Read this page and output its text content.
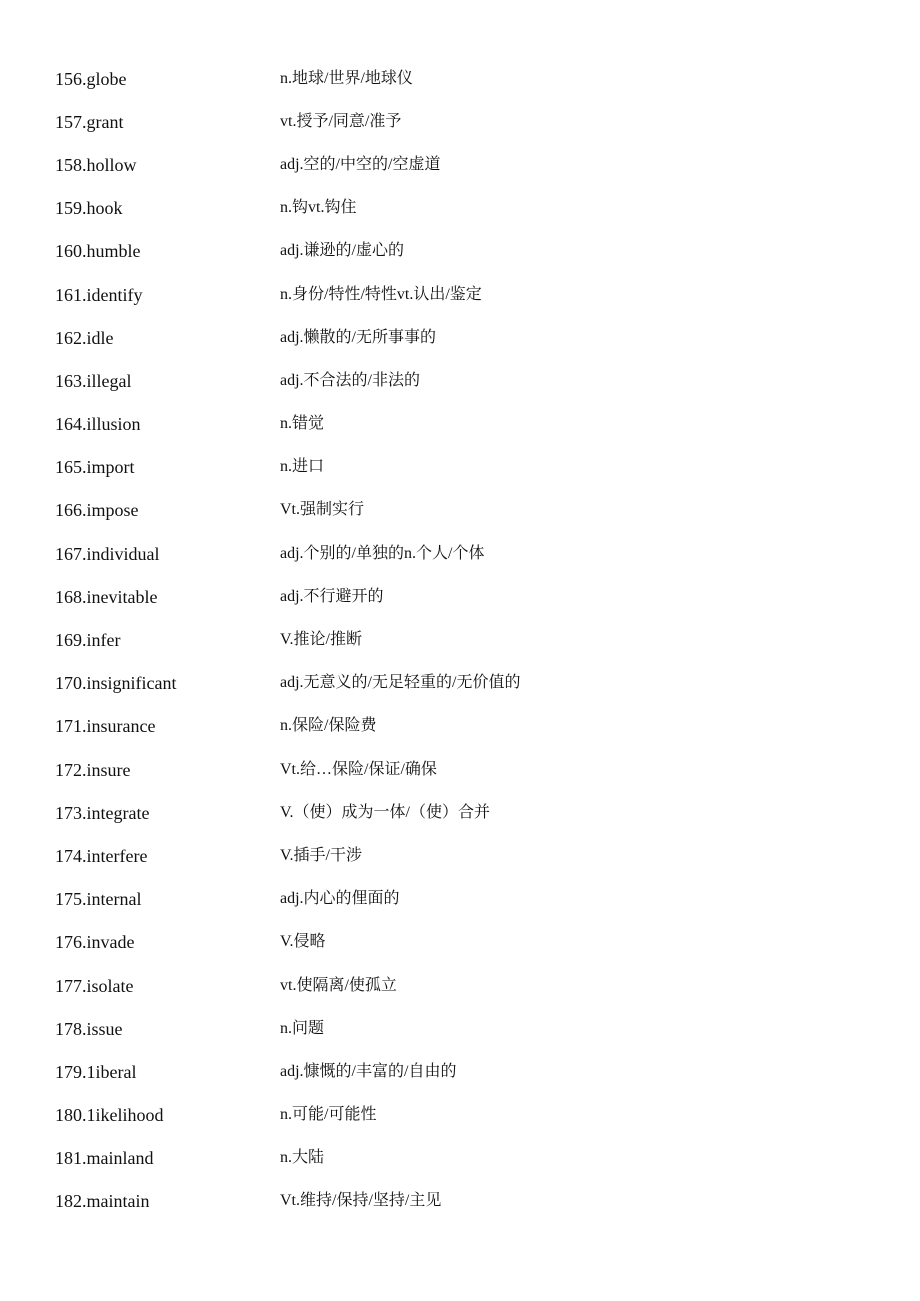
156.globe	n.地球/世界/地球仪
157.grant	vt.授予/同意/准予
158.hollow	adj.空的/中空的/空虚道
159.hook	n.钩vt.钩住
160.humble	adj.谦逊的/虚心的
161.identify	n.身份/特性/特性vt.认出/鉴定
162.idle	adj.懒散的/无所事事的
163.illegal	adj.不合法的/非法的
164.illusion	n.错觉
165.import	n.进口
166.impose	Vt.强制实行
167.individual	adj.个别的/单独的n.个人/个体
168.inevitable	adj.不行避开的
169.infer	V.推论/推断
170.insignificant	adj.无意义的/无足轻重的/无价值的
171.insurance	n.保险/保险费
172.insure	Vt.给…保险/保证/确保
173.integrate	V.（使）成为一体/（使）合并
174.interfere	V.插手/干涉
175.internal	adj.内心的俚面的
176.invade	V.侵略
177.isolate	vt.使隔离/使孤立
178.issue	n.问题
179.1iberal	adj.慷慨的/丰富的/自由的
180.1ikelihood	n.可能/可能性
181.mainland	n.大陆
182.maintain	Vt.维持/保持/坚持/主见
